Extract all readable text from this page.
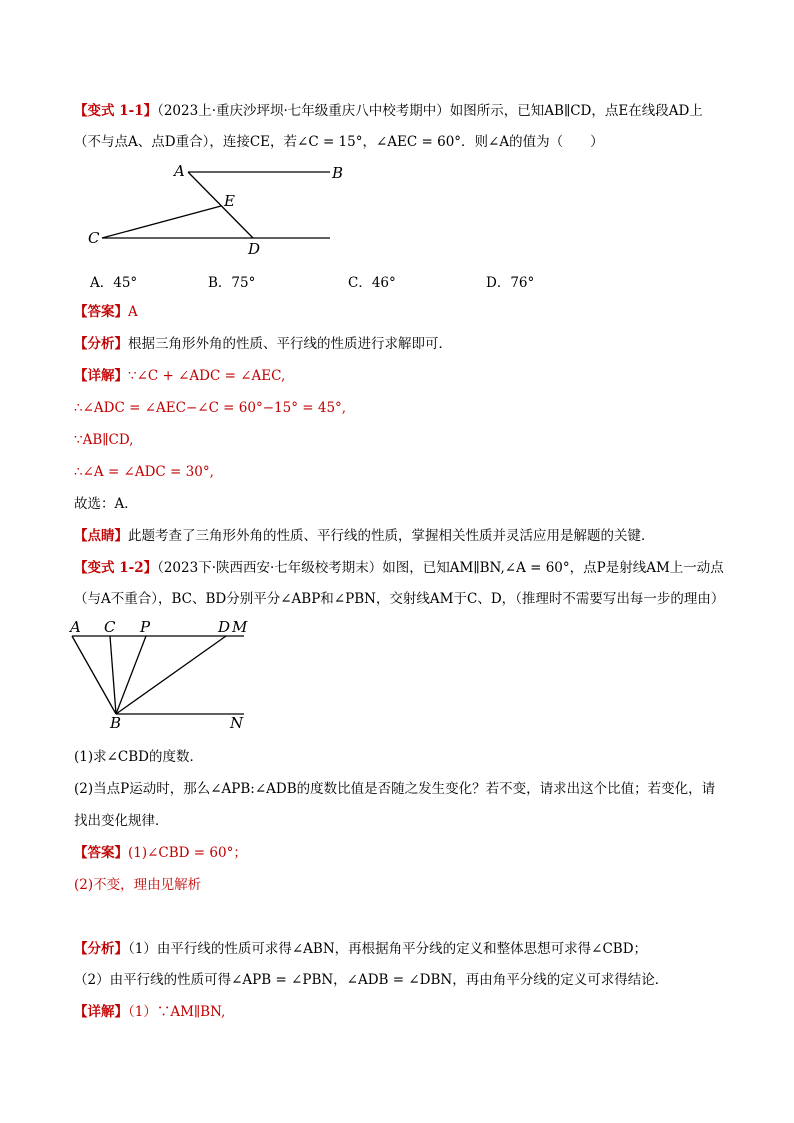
【变式 1-1】（2023上·重庆沙坪坝·七年级重庆八中校考期中）如图所示，已知AB∥CD，点E在线段AD上
（不与点A、点D重合），连接CE，若∠C = 15°，∠AEC = 60°．则∠A的值为（　　）
A	B
E
C
D
A．45°	B．75°	C．46°	D．76°
【答案】A
【分析】根据三角形外角的性质、平行线的性质进行求解即可．
【详解】∵∠C + ∠ADC = ∠AEC,
∴∠ADC = ∠AEC−∠C = 60°−15° = 45°,
∵AB∥CD,
∴∠A = ∠ADC = 30°,
故选：A．
【点睛】此题考查了三角形外角的性质、平行线的性质，掌握相关性质并灵活应用是解题的关键．
【变式 1-2】（2023下·陕西西安·七年级校考期末）如图，已知AM∥BN,∠A = 60°，点P是射线AM上一动点
（与A不重合），BC、BD分别平分∠ABP和∠PBN，交射线AM于C、D，（推理时不需要写出每一步的理由）
A C P	D M
B	N
(1)求∠CBD的度数．
(2)当点P运动时，那么∠APB:∠ADB的度数比值是否随之发生变化？若不变，请求出这个比值；若变化，请
找出变化规律．
【答案】(1)∠CBD = 60°；
(2)不变，理由见解析
【分析】（1）由平行线的性质可求得∠ABN，再根据角平分线的定义和整体思想可求得∠CBD；
（2）由平行线的性质可得∠APB = ∠PBN，∠ADB = ∠DBN，再由角平分线的定义可求得结论．
【详解】（1）∵AM∥BN,
